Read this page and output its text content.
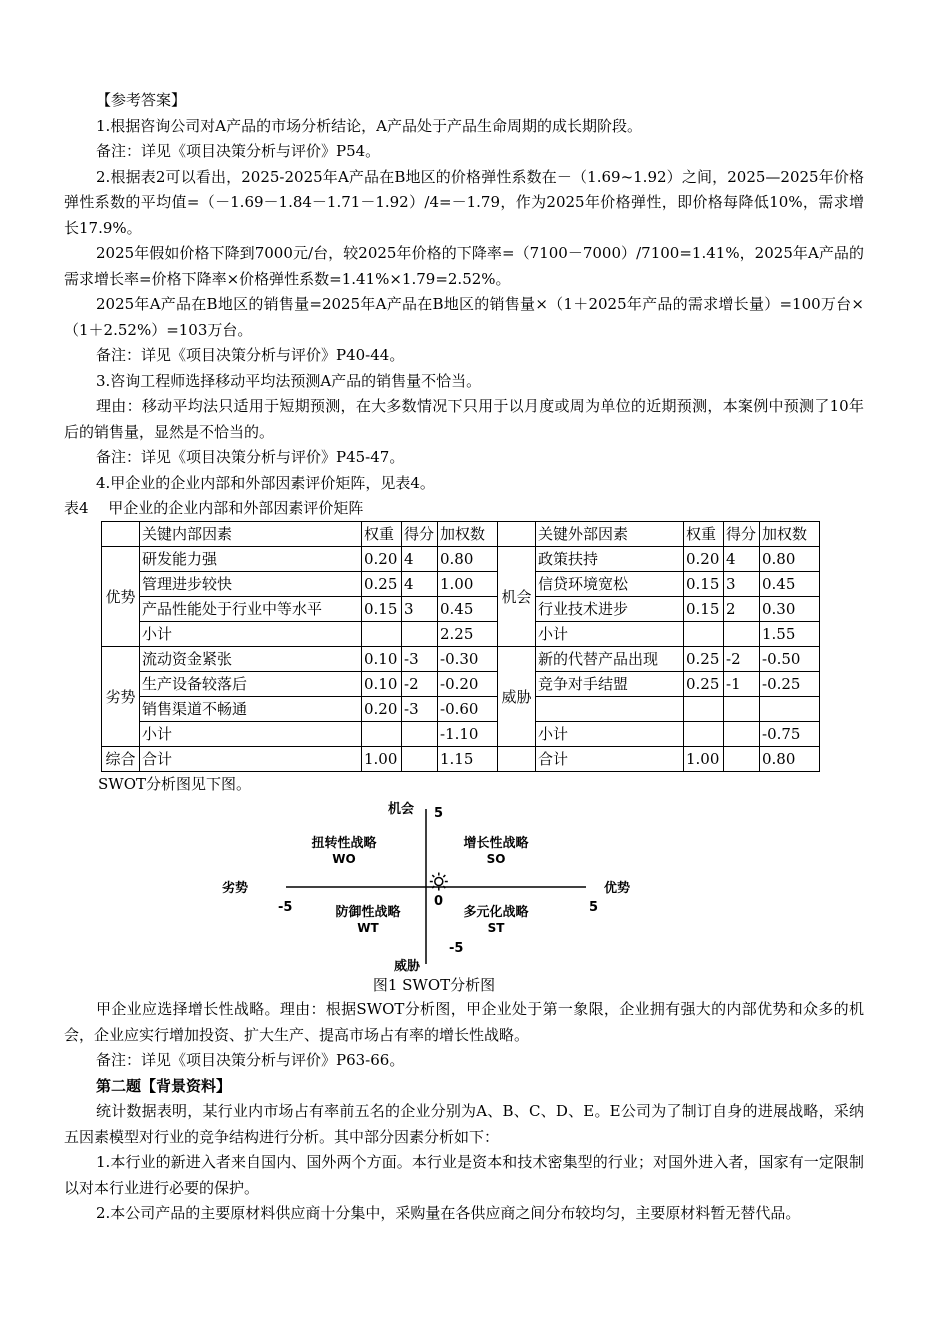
【参考答案】

1.根据咨询公司对A产品的市场分析结论，A产品处于产品生命周期的成长期阶段。

备注：详见《项目决策分析与评价》P54。

2.根据表2可以看出，2025-2025年A产品在B地区的价格弹性系数在－（1.69~1.92）之间，2025—2025年价格弹性系数的平均值=（－1.69－1.84－1.71－1.92）/4=－1.79，作为2025年价格弹性，即价格每降低10%，需求增长17.9%。

2025年假如价格下降到7000元/台，较2025年价格的下降率=（7100－7000）/7100=1.41%，2025年A产品的需求增长率=价格下降率×价格弹性系数=1.41%×1.79=2.52%。

2025年A产品在B地区的销售量=2025年A产品在B地区的销售量×（1＋2025年产品的需求增长量）=100万台×（1＋2.52%）=103万台。

备注：详见《项目决策分析与评价》P40-44。

3.咨询工程师选择移动平均法预测A产品的销售量不恰当。

理由：移动平均法只适用于短期预测，在大多数情况下只用于以月度或周为单位的近期预测，本案例中预测了10年后的销售量，显然是不恰当的。

备注：详见《项目决策分析与评价》P45-47。

4.甲企业的企业内部和外部因素评价矩阵，见表4。

表4　 甲企业的企业内部和外部因素评价矩阵

	关键内部因素	权重	得分	加权数		关键外部因素	权重	得分	加权数
优势	研发能力强	0.20	4	0.80	机会	政策扶持	0.20	4	0.80
	管理进步较快	0.25	4	1.00		信贷环境宽松	0.15	3	0.45
	产品性能处于行业中等水平	0.15	3	0.45		行业技术进步	0.15	2	0.30
	小计			2.25		小计			1.55
劣势	流动资金紧张	0.10	-3	-0.30	威胁	新的代替产品出现	0.25	-2	-0.50
	生产设备较落后	0.10	-2	-0.20		竞争对手结盟	0.25	-1	-0.25
	销售渠道不畅通	0.20	-3	-0.60					
	小计			-1.10		小计			-0.75
综合	合计	1.00		1.15		合计	1.00		0.80

SWOT分析图见下图。

机会 5
威胁
-5
劣势
-5
优势
5
0
扭转性战略
WO
增长性战略
SO
防御性战略
WT
多元化战略
ST

图1 SWOT分析图

甲企业应选择增长性战略。理由：根据SWOT分析图，甲企业处于第一象限，企业拥有强大的内部优势和众多的机会，企业应实行增加投资、扩大生产、提高市场占有率的增长性战略。

备注：详见《项目决策分析与评价》P63-66。

第二题【背景资料】

统计数据表明，某行业内市场占有率前五名的企业分别为A、B、C、D、E。E公司为了制订自身的进展战略，采纳五因素模型对行业的竞争结构进行分析。其中部分因素分析如下：

1.本行业的新进入者来自国内、国外两个方面。本行业是资本和技术密集型的行业；对国外进入者，国家有一定限制以对本行业进行必要的保护。

2.本公司产品的主要原材料供应商十分集中，采购量在各供应商之间分布较均匀，主要原材料暂无替代品。
